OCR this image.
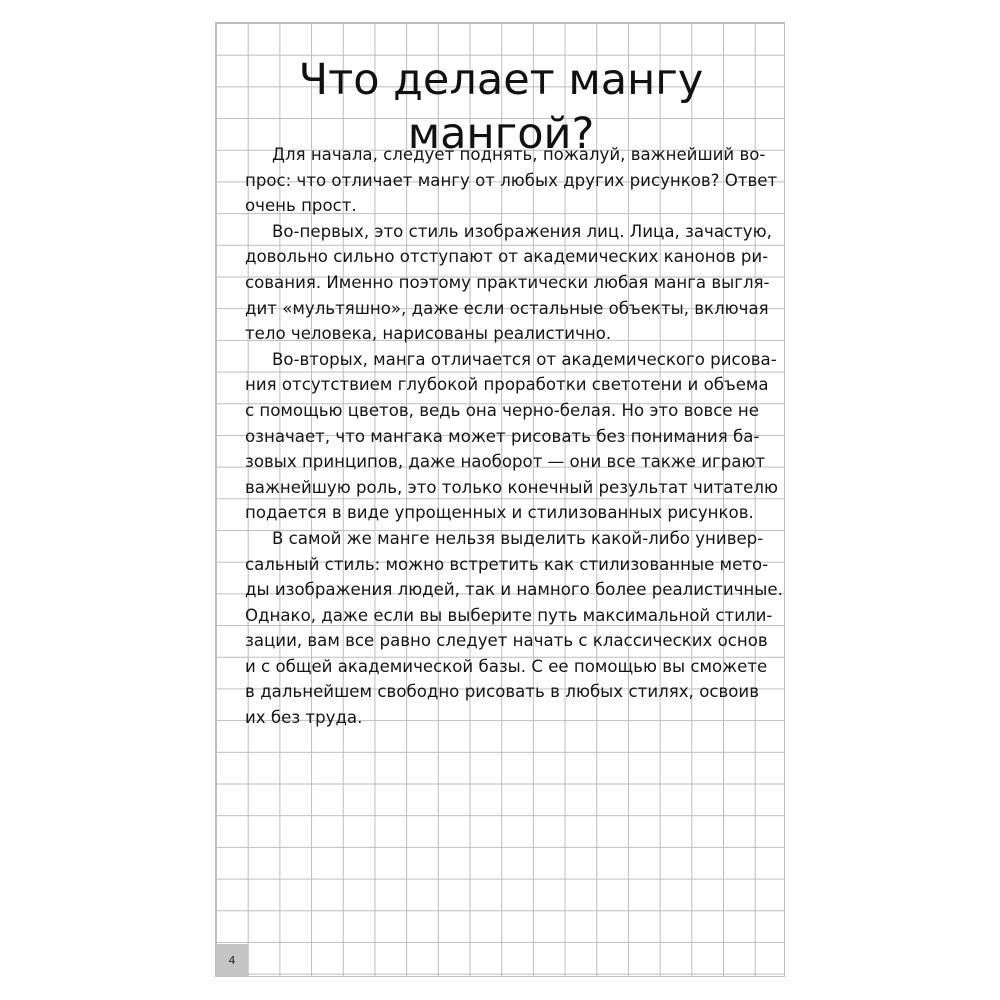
Что делает мангу
мангой?
Для начала, следует поднять, пожалуй, важнейший во-
прос: что отличает мангу от любых других рисунков? Ответ
очень прост.
Во-первых, это стиль изображения лиц. Лица, зачастую,
довольно сильно отступают от академических канонов ри-
сования. Именно поэтому практически любая манга выгля-
дит «мультяшно», даже если остальные объекты, включая
тело человека, нарисованы реалистично.
Во-вторых, манга отличается от академического рисова-
ния отсутствием глубокой проработки светотени и объема
с помощью цветов, ведь она черно-белая. Но это вовсе не
означает, что мангака может рисовать без понимания ба-
зовых принципов, даже наоборот — они все также играют
важнейшую роль, это только конечный результат читателю
подается в виде упрощенных и стилизованных рисунков.
В самой же манге нельзя выделить какой-либо универ-
сальный стиль: можно встретить как стилизованные мето-
ды изображения людей, так и намного более реалистичные.
Однако, даже если вы выберите путь максимальной стили-
зации, вам все равно следует начать с классических основ
и с общей академической базы. С ее помощью вы сможете
в дальнейшем свободно рисовать в любых стилях, освоив
их без труда.
4
